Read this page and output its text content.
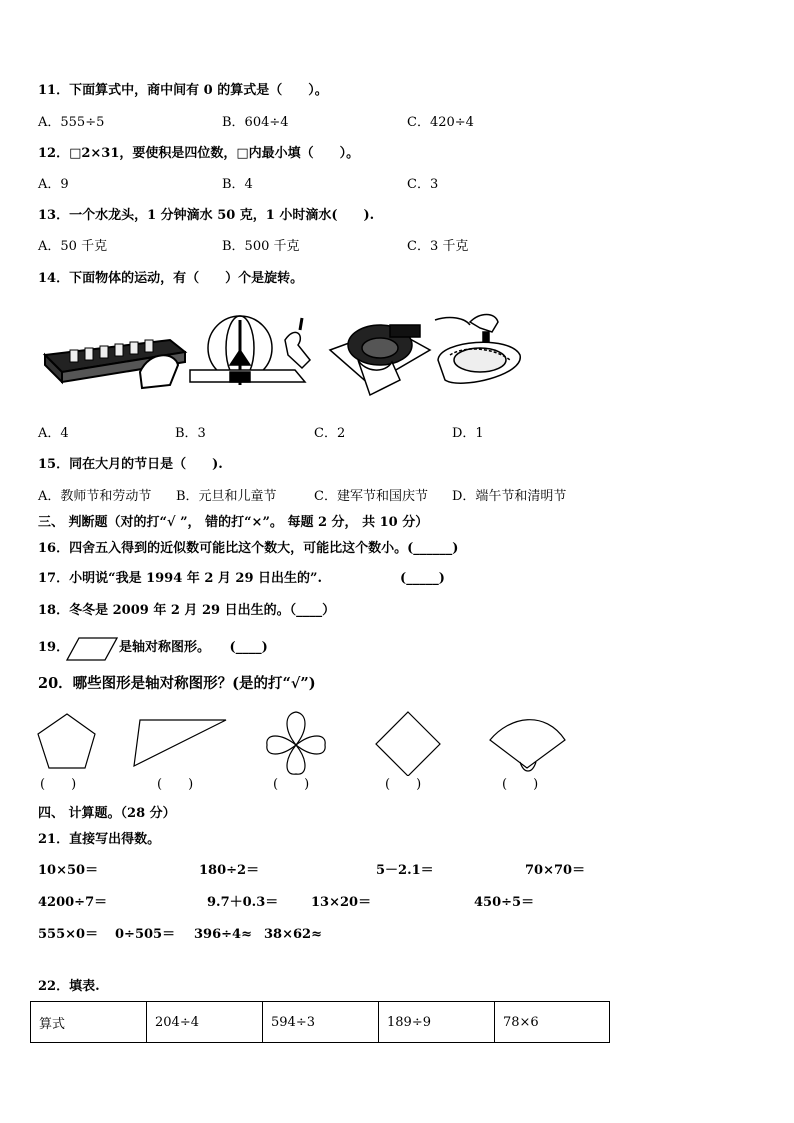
11．下面算式中，商中间有 0 的算式是（　　）。
A．555÷5	B．604÷4	C．420÷4
12．□2×31，要使积是四位数，□内最小填（　　）。
A．9	B．4	C．3
13．一个水龙头，1 分钟滴水 50 克，1 小时滴水(　　).
A．50 千克	B．500 千克	C．3 千克
14．下面物体的运动，有（　　）个是旋转。
A．4	B．3	C．2	D．1
15．同在大月的节日是（　　).
A．教师节和劳动节 B．元旦和儿童节	C．建军节和国庆节 D．端午节和清明节
三、 判断题（对的打“√ ”， 错的打“×”。 每题 2 分， 共 10 分）
16．四舍五入得到的近似数可能比这个数大，可能比这个数小。(______)
17．小明说“我是 1994 年 2 月 29 日出生的”.　　　　　　(_____)
18．冬冬是 2009 年 2 月 29 日出生的。（____）
19．	是轴对称图形。　　(____)
20．哪些图形是轴对称图形？(是的打“√”)
(　　)	(　　)	(　　)	(　　)	(　　)
四、 计算题。（28 分）
21．直接写出得数。
10×50＝	180÷2＝	5－2.1＝	70×70＝
4200÷7＝	9.7＋0.3＝	13×20＝	450÷5＝
555×0＝ 0÷505＝ 396÷4≈ 38×62≈
22．填表.
算式	204÷4	594÷3	189÷9	78×6
